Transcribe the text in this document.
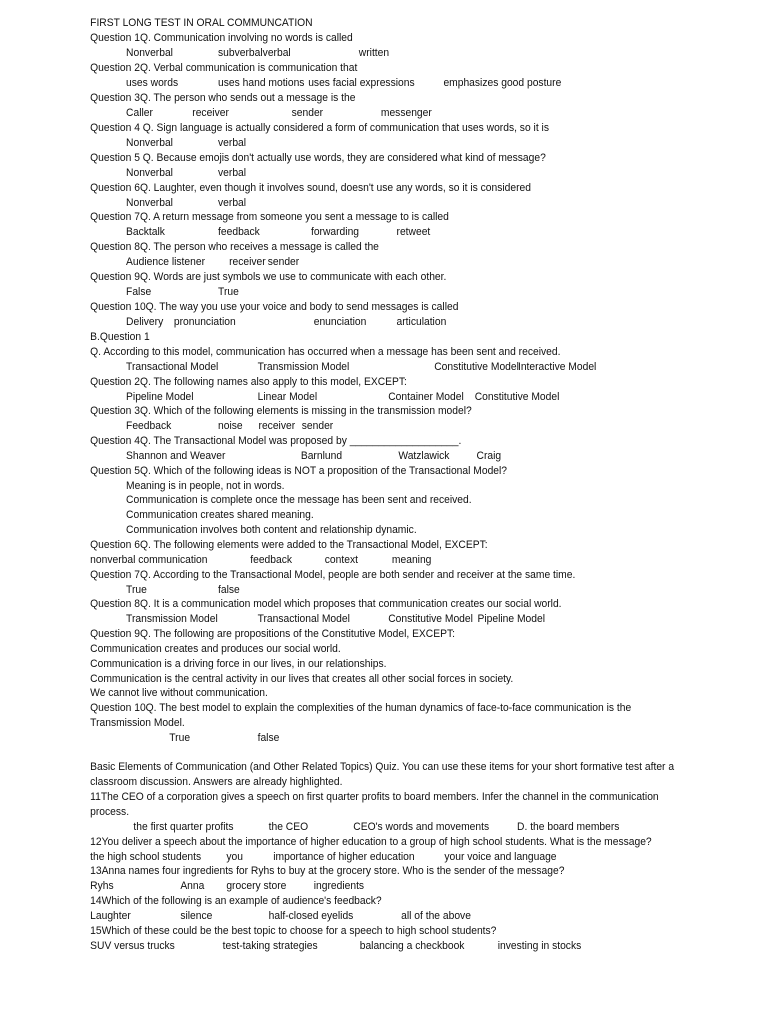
FIRST LONG TEST IN ORAL COMMUNCATION
Question 1Q. Communication involving no words is called
Nonverbal	subverbalverbal	written
Question 2Q. Verbal communication is communication that
uses words	uses hand motions uses facial expressions	emphasizes good posture
Question 3Q. The person who sends out a message is the
Caller	receiver	sender	messenger
Question 4 Q. Sign language is actually considered a form of communication that uses words, so it is
Nonverbal	verbal
Question 5 Q. Because emojis don't actually use words, they are considered what kind of message?
Nonverbal	verbal
Question 6Q. Laughter, even though it involves sound, doesn't use any words, so it is considered
Nonverbal	verbal
Question 7Q. A return message from someone you sent a message to is called
Backtalk	feedback	forwarding	retweet
Question 8Q. The person who receives a message is called the
Audience listener receiver sender
Question 9Q. Words are just symbols we use to communicate with each other.
False	True
Question 10Q. The way you use your voice and body to send messages is called
Delivery pronunciation	enunciation	articulation
B.Question 1
Q. According to this model, communication has occurred when a message has been sent and received.
Transactional Model	Transmission Model	Constitutive Model Interactive Model
Question 2Q. The following names also apply to this model, EXCEPT:
Pipeline Model	Linear Model	Container Model Constitutive Model
Question 3Q. Which of the following elements is missing in the transmission model?
Feedback	noise receiver sender
Question 4Q. The Transactional Model was proposed by ___________________.
Shannon and Weaver	Barnlund	Watzlawick Craig
Question 5Q. Which of the following ideas is NOT a proposition of the Transactional Model?
Meaning is in people, not in words.
Communication is complete once the message has been sent and received.
Communication creates shared meaning.
Communication involves both content and relationship dynamic.
Question 6Q. The following elements were added to the Transactional Model, EXCEPT:
nonverbal communication	feedback	context	meaning
Question 7Q. According to the Transactional Model, people are both sender and receiver at the same time.
True	false
Question 8Q. It is a communication model which proposes that communication creates our social world.
Transmission Model	Transactional Model	Constitutive Model Pipeline Model
Question 9Q. The following are propositions of the Constitutive Model, EXCEPT:
Communication creates and produces our social world.
Communication is a driving force in our lives, in our relationships.
Communication is the central activity in our lives that creates all other social forces in society.
We cannot live without communication.
Question 10Q. The best model to explain the complexities of the human dynamics of face-to-face communication is the Transmission Model.
True	false
Basic Elements of Communication (and Other Related Topics) Quiz. You can use these items for your short formative test after a classroom discussion. Answers are already highlighted.
11The CEO of a corporation gives a speech on first quarter profits to board members. Infer the channel in the communication process.
the first quarter profits	the CEO	CEO's words and movements D. the board members
12You deliver a speech about the importance of higher education to a group of high school students. What is the message?
the high school students you	importance of higher education	your voice and language
13Anna names four ingredients for Ryhs to buy at the grocery store. Who is the sender of the message?
Ryhs	Anna grocery store ingredients
14Which of the following is an example of audience's feedback?
Laughter	silence	half-closed eyelids	all of the above
15Which of these could be the best topic to choose for a speech to high school students?
SUV versus trucks	test-taking strategies	balancing a checkbook	investing in stocks
